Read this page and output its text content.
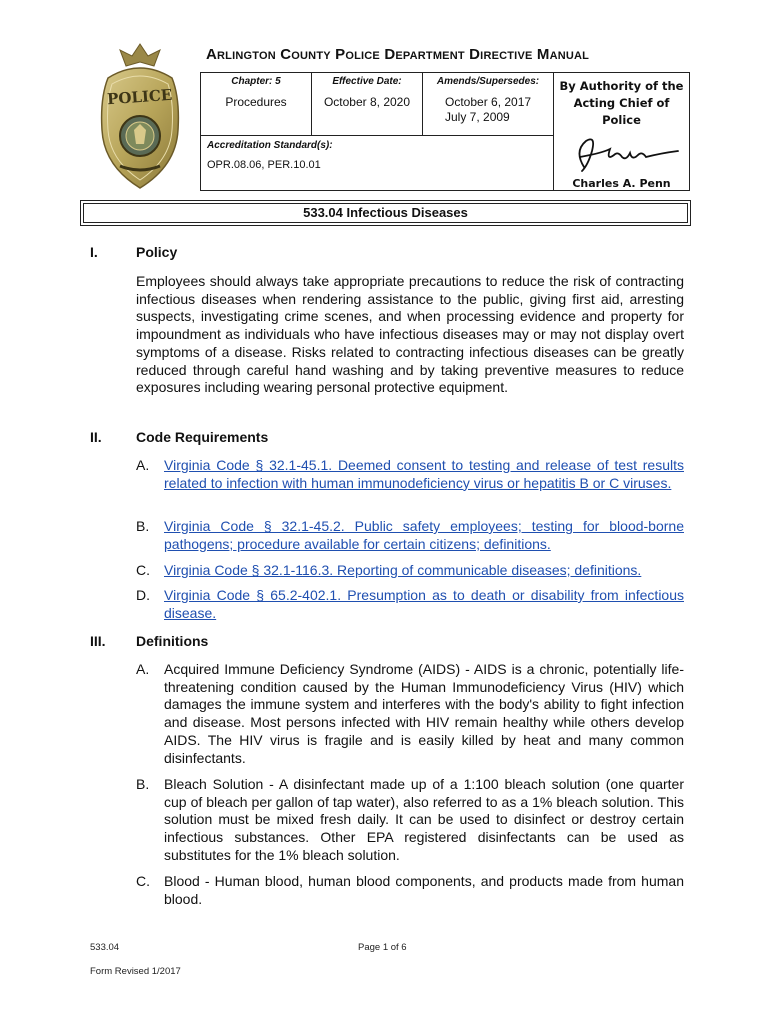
POLICE
Arlington County Police Department Directive Manual
Chapter: 5
Procedures

Effective Date:
October 8, 2020

Amends/Supersedes:
October 6, 2017
July 7, 2009

By Authority of the
Acting Chief of Police
Charles A. Penn

Accreditation Standard(s):
OPR.08.06, PER.10.01
533.04 Infectious Diseases
I.	Policy

Employees should always take appropriate precautions to reduce the risk of contracting infectious diseases when rendering assistance to the public, giving first aid, arresting suspects, investigating crime scenes, and when processing evidence and property for impoundment as individuals who have infectious diseases may or may not display overt symptoms of a disease. Risks related to contracting infectious diseases can be greatly reduced through careful hand washing and by taking preventive measures to reduce exposures including wearing personal protective equipment.

II. Code Requirements
A. Virginia Code § 32.1-45.1. Deemed consent to testing and release of test results related to infection with human immunodeficiency virus or hepatitis B or C viruses.
B. Virginia Code § 32.1-45.2. Public safety employees; testing for blood-borne pathogens; procedure available for certain citizens; definitions.
C. Virginia Code § 32.1-116.3. Reporting of communicable diseases; definitions.
D. Virginia Code § 65.2-402.1. Presumption as to death or disability from infectious disease.
III. Definitions
A. Acquired Immune Deficiency Syndrome (AIDS) - AIDS is a chronic, potentially life-threatening condition caused by the Human Immunodeficiency Virus (HIV) which damages the immune system and interferes with the body's ability to fight infection and disease. Most persons infected with HIV remain healthy while others develop AIDS. The HIV virus is fragile and is easily killed by heat and many common disinfectants.
B. Bleach Solution - A disinfectant made up of a 1:100 bleach solution (one quarter cup of bleach per gallon of tap water), also referred to as a 1% bleach solution. This solution must be mixed fresh daily. It can be used to disinfect or destroy certain infectious substances. Other EPA registered disinfectants can be used as substitutes for the 1% bleach solution.
C. Blood - Human blood, human blood components, and products made from human blood.
533.04	Page 1 of 6
Form Revised 1/2017
